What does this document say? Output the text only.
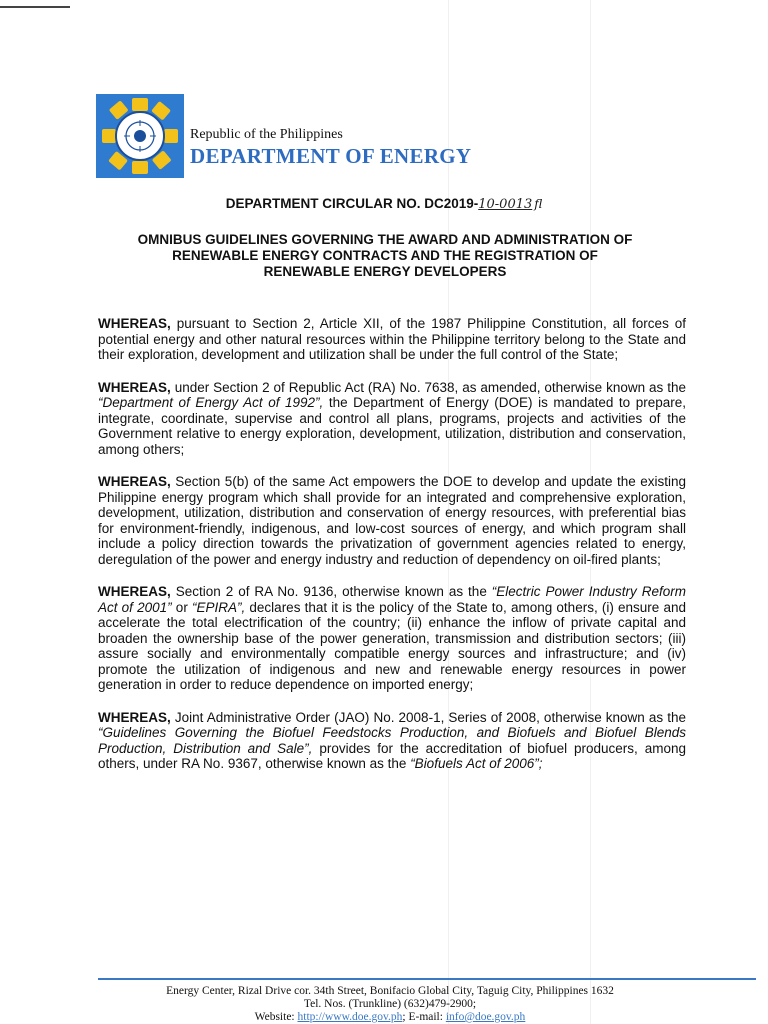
Republic of the Philippines
DEPARTMENT OF ENERGY
DEPARTMENT CIRCULAR NO. DC2019-10-0013 fl
OMNIBUS GUIDELINES GOVERNING THE AWARD AND ADMINISTRATION OF
RENEWABLE ENERGY CONTRACTS AND THE REGISTRATION OF
RENEWABLE ENERGY DEVELOPERS

WHEREAS, pursuant to Section 2, Article XII, of the 1987 Philippine Constitution, all forces of potential energy and other natural resources within the Philippine territory belong to the State and their exploration, development and utilization shall be under the full control of the State;

WHEREAS, under Section 2 of Republic Act (RA) No. 7638, as amended, otherwise known as the “Department of Energy Act of 1992”, the Department of Energy (DOE) is mandated to prepare, integrate, coordinate, supervise and control all plans, programs, projects and activities of the Government relative to energy exploration, development, utilization, distribution and conservation, among others;

WHEREAS, Section 5(b) of the same Act empowers the DOE to develop and update the existing Philippine energy program which shall provide for an integrated and comprehensive exploration, development, utilization, distribution and conservation of energy resources, with preferential bias for environment-friendly, indigenous, and low-cost sources of energy, and which program shall include a policy direction towards the privatization of government agencies related to energy, deregulation of the power and energy industry and reduction of dependency on oil-fired plants;

WHEREAS, Section 2 of RA No. 9136, otherwise known as the “Electric Power Industry Reform Act of 2001” or “EPIRA”, declares that it is the policy of the State to, among others, (i) ensure and accelerate the total electrification of the country; (ii) enhance the inflow of private capital and broaden the ownership base of the power generation, transmission and distribution sectors; (iii) assure socially and environmentally compatible energy sources and infrastructure; and (iv) promote the utilization of indigenous and new and renewable energy resources in power generation in order to reduce dependence on imported energy;

WHEREAS, Joint Administrative Order (JAO) No. 2008-1, Series of 2008, otherwise known as the “Guidelines Governing the Biofuel Feedstocks Production, and Biofuels and Biofuel Blends Production, Distribution and Sale”, provides for the accreditation of biofuel producers, among others, under RA No. 9367, otherwise known as the “Biofuels Act of 2006”;

Energy Center, Rizal Drive cor. 34th Street, Bonifacio Global City, Taguig City, Philippines 1632
Tel. Nos. (Trunkline) (632)479-2900;
Website: http://www.doe.gov.ph; E-mail: info@doe.gov.ph
